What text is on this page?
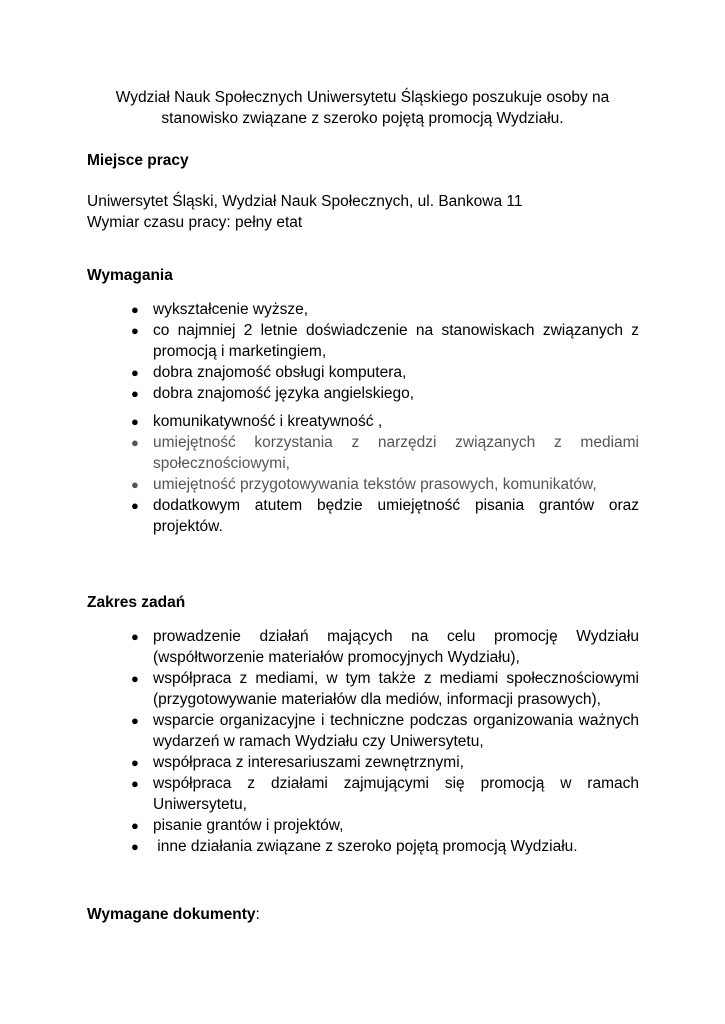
Wydział Nauk Społecznych Uniwersytetu Śląskiego poszukuje osoby na stanowisko związane z szeroko pojętą promocją Wydziału.
Miejsce pracy
Uniwersytet Śląski, Wydział Nauk Społecznych, ul. Bankowa 11
Wymiar czasu pracy: pełny etat
Wymagania
● wykształcenie wyższe,
● co najmniej 2 letnie doświadczenie na stanowiskach związanych z promocją i marketingiem,
● dobra znajomość obsługi komputera,
● dobra znajomość języka angielskiego,
● komunikatywność i kreatywność ,
● umiejętność korzystania z narzędzi związanych z mediami społecznościowymi,
● umiejętność przygotowywania tekstów prasowych, komunikatów,
● dodatkowym atutem będzie umiejętność pisania grantów oraz projektów.
Zakres zadań
● prowadzenie działań mających na celu promocję Wydziału (współtworzenie materiałów promocyjnych Wydziału),
● współpraca z mediami, w tym także z mediami społecznościowymi (przygotowywanie materiałów dla mediów, informacji prasowych),
● wsparcie organizacyjne i techniczne podczas organizowania ważnych wydarzeń w ramach Wydziału czy Uniwersytetu,
● współpraca z interesariuszami zewnętrznymi,
● współpraca z działami zajmującymi się promocją w ramach Uniwersytetu,
● pisanie grantów i projektów,
● inne działania związane z szeroko pojętą promocją Wydziału.
Wymagane dokumenty:
